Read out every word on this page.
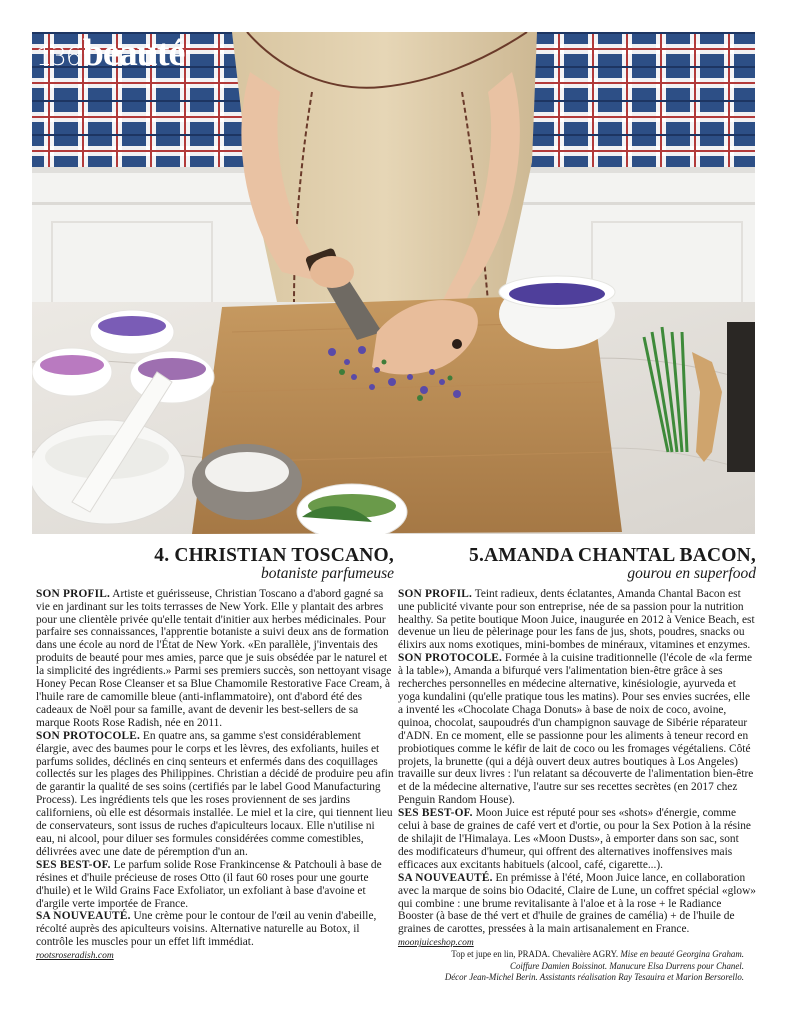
136 beauté
4. CHRISTIAN TOSCANO,
botaniste parfumeuse

SON PROFIL. Artiste et guérisseuse, Christian Toscano a d'abord gagné sa vie en jardinant sur les toits terrasses de New York. Elle y plantait des arbres pour une clientèle privée qu'elle tentait d'initier aux herbes médicinales. Pour parfaire ses connaissances, l'apprentie botaniste a suivi deux ans de formation dans une école au nord de l'État de New York. «En parallèle, j'inventais des produits de beauté pour mes amies, parce que je suis obsédée par le naturel et la simplicité des ingrédients.» Parmi ses premiers succès, son nettoyant visage Honey Pecan Rose Cleanser et sa Blue Chamomile Restorative Face Cream, à l'huile rare de camomille bleue (anti-inflammatoire), ont d'abord été des cadeaux de Noël pour sa famille, avant de devenir les best-sellers de sa marque Roots Rose Radish, née en 2011.

SON PROTOCOLE. En quatre ans, sa gamme s'est considérablement élargie, avec des baumes pour le corps et les lèvres, des exfoliants, huiles et parfums solides, déclinés en cinq senteurs et enfermés dans des coquillages collectés sur les plages des Philippines. Christian a décidé de produire peu afin de garantir la qualité de ses soins (certifiés par le label Good Manufacturing Process). Les ingrédients tels que les roses proviennent de ses jardins californiens, où elle est désormais installée. Le miel et la cire, qui tiennent lieu de conservateurs, sont issus de ruches d'apiculteurs locaux. Elle n'utilise ni eau, ni alcool, pour diluer ses formules considérées comme comestibles, délivrées avec une date de péremption d'un an.

SES BEST-OF. Le parfum solide Rose Frankincense & Patchouli à base de résines et d'huile précieuse de roses Otto (il faut 60 roses pour une gourte d'huile) et le Wild Grains Face Exfoliator, un exfoliant à base d'avoine et d'argile verte importée de France.

SA NOUVEAUTÉ. Une crème pour le contour de l'œil au venin d'abeille, récolté auprès des apiculteurs voisins. Alternative naturelle au Botox, il contrôle les muscles pour un effet lift immédiat.

rootsroseradish.com

5.AMANDA CHANTAL BACON,
gourou en superfood

SON PROFIL. Teint radieux, dents éclatantes, Amanda Chantal Bacon est une publicité vivante pour son entreprise, née de sa passion pour la nutrition healthy. Sa petite boutique Moon Juice, inaugurée en 2012 à Venice Beach, est devenue un lieu de pèlerinage pour les fans de jus, shots, poudres, snacks ou élixirs aux noms exotiques, mini-bombes de minéraux, vitamines et enzymes.

SON PROTOCOLE. Formée à la cuisine traditionnelle (l'école de «la ferme à la table»), Amanda a bifurqué vers l'alimentation bien-être grâce à ses recherches personnelles en médecine alternative, kinésiologie, ayurveda et yoga kundalini (qu'elle pratique tous les matins). Pour ses envies sucrées, elle a inventé les «Chocolate Chaga Donuts» à base de noix de coco, avoine, quinoa, chocolat, saupoudrés d'un champignon sauvage de Sibérie réparateur d'ADN. En ce moment, elle se passionne pour les aliments à teneur record en probiotiques comme le kéfir de lait de coco ou les fromages végétaliens. Côté projets, la brunette (qui a déjà ouvert deux autres boutiques à Los Angeles) travaille sur deux livres : l'un relatant sa découverte de l'alimentation bien-être et de la médecine alternative, l'autre sur ses recettes secrètes (en 2017 chez Penguin Random House).

SES BEST-OF. Moon Juice est réputé pour ses «shots» d'énergie, comme celui à base de graines de café vert et d'ortie, ou pour la Sex Potion à la résine de shilajit de l'Himalaya. Les «Moon Dusts», à emporter dans son sac, sont des modificateurs d'humeur, qui offrent des alternatives inoffensives mais efficaces aux excitants habituels (alcool, café, cigarette...).

SA NOUVEAUTÉ. En prémisse à l'été, Moon Juice lance, en collaboration avec la marque de soins bio Odacité, Claire de Lune, un coffret spécial «glow» qui combine : une brume revitalisante à l'aloe et à la rose + le Radiance Booster (à base de thé vert et d'huile de graines de camélia) + de l'huile de graines de carottes, pressées à la main artisanalement en France. moonjuiceshop.com

Top et jupe en lin, PRADA. Chevalière AGRY. Mise en beauté Georgina Graham.
Coiffure Damien Boissinot. Manucure Elsa Durrens pour Chanel.
Décor Jean-Michel Berin. Assistants réalisation Ray Tesauira et Marion Bersorello.
